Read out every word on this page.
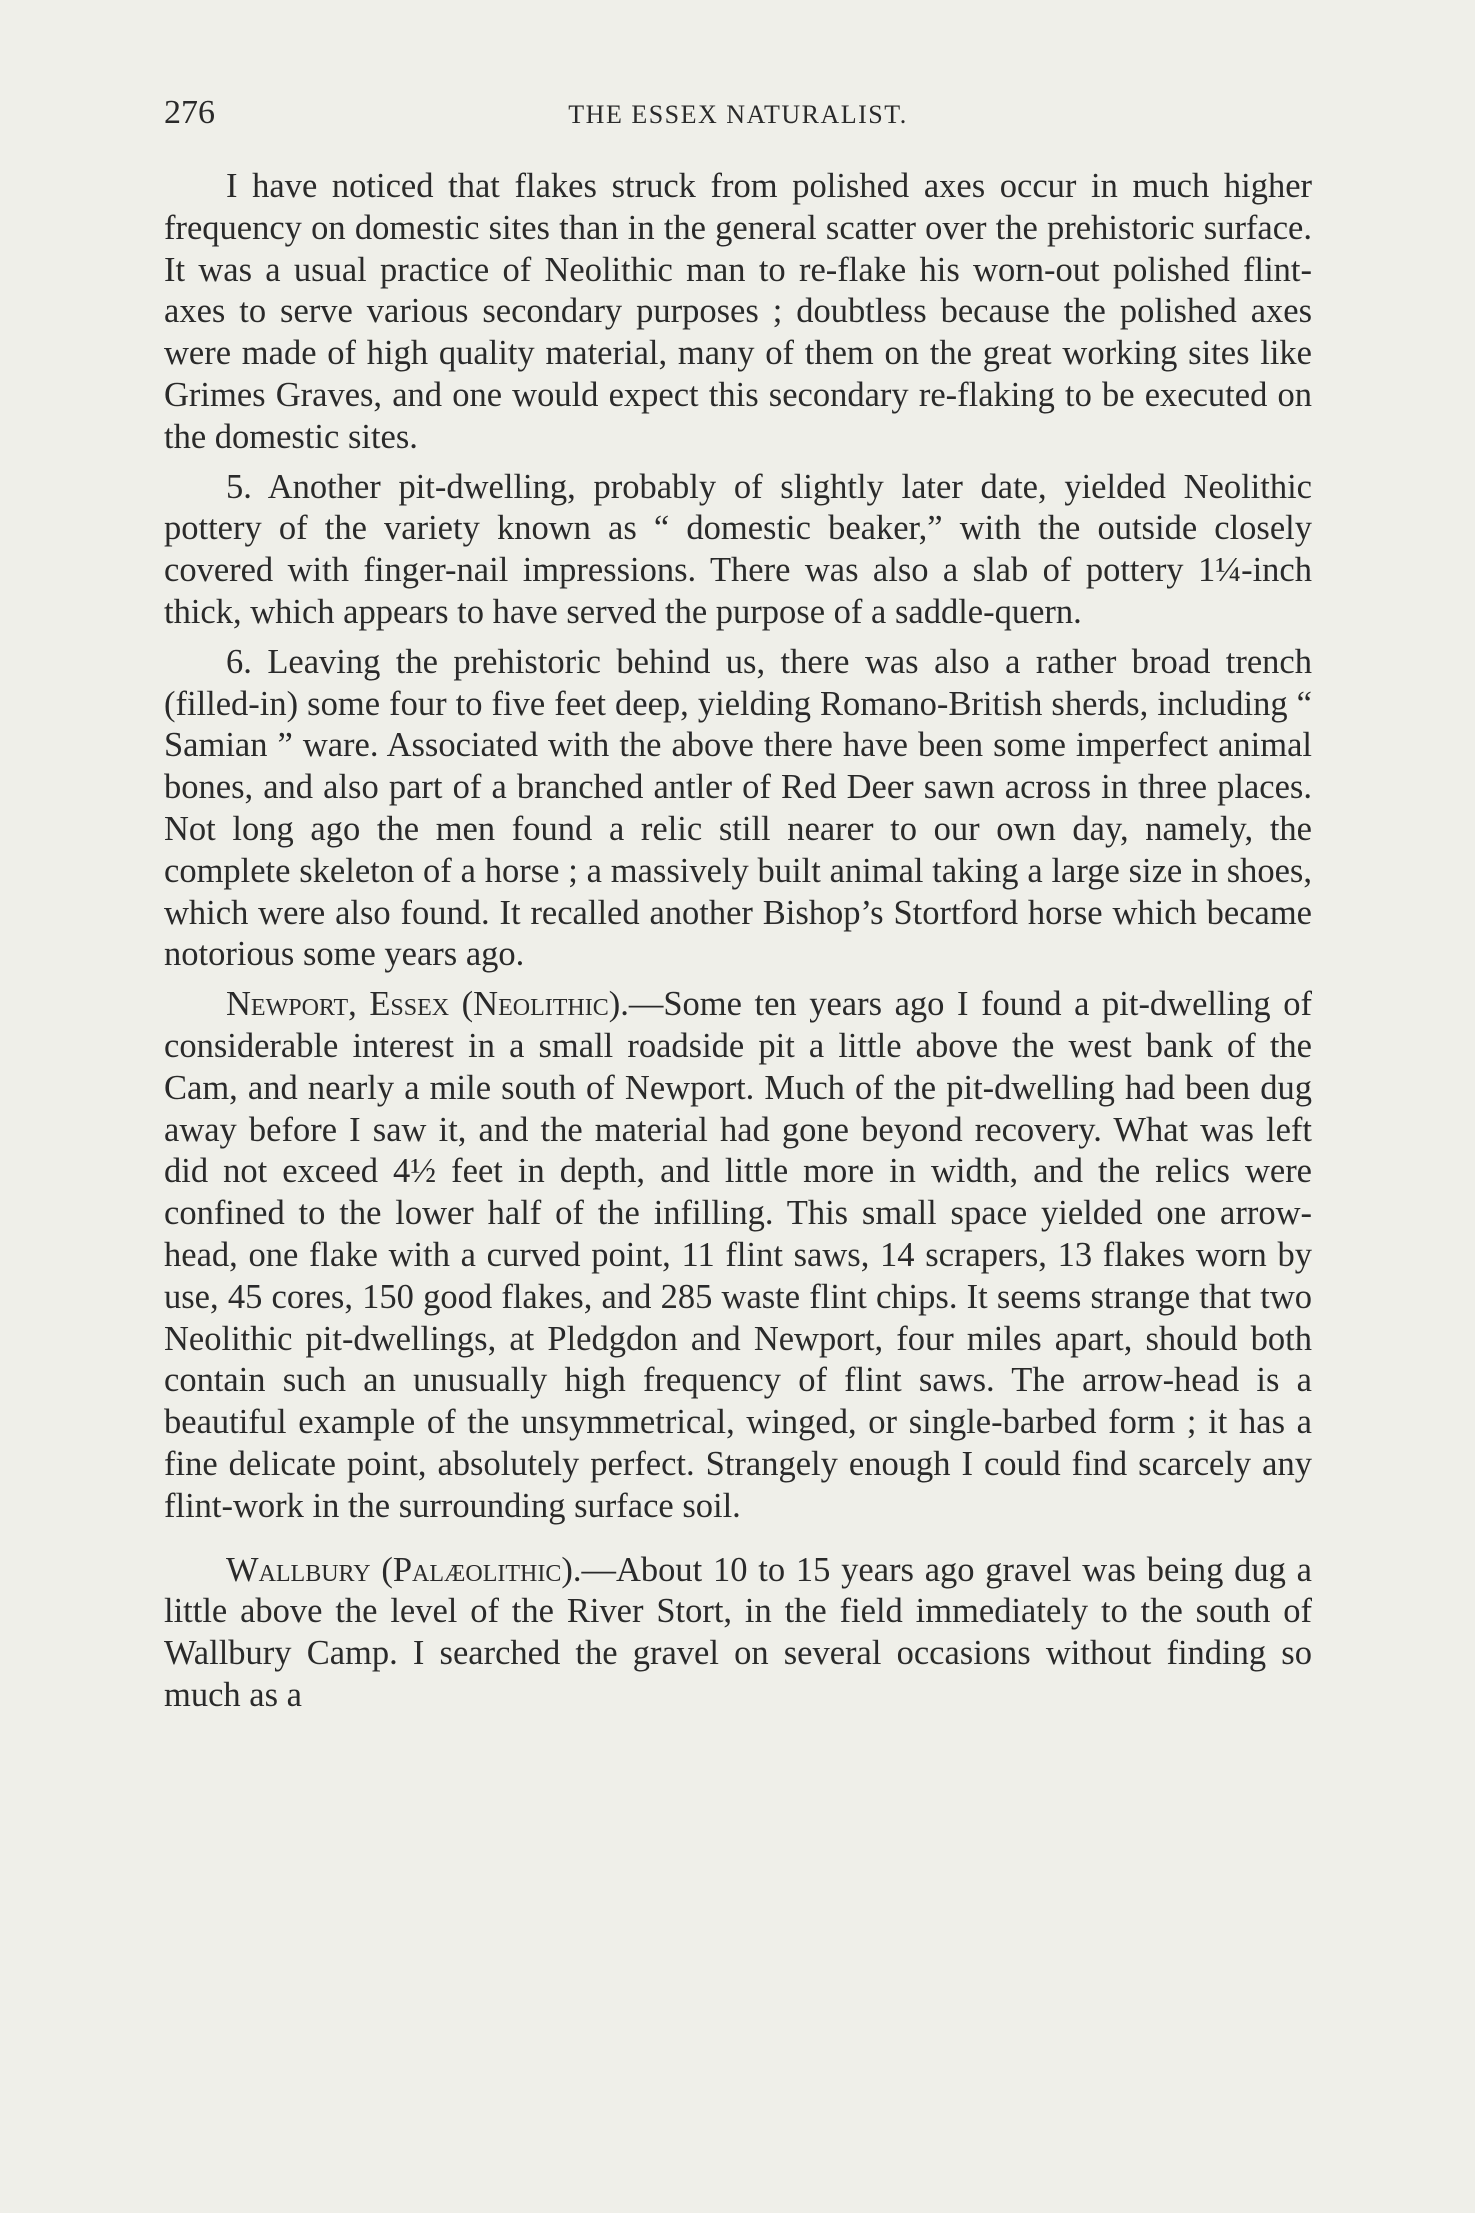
276	THE ESSEX NATURALIST.

I have noticed that flakes struck from polished axes occur in much higher frequency on domestic sites than in the general scatter over the prehistoric surface. It was a usual practice of Neolithic man to re-flake his worn-out polished flint-axes to serve various secondary purposes ; doubtless because the polished axes were made of high quality material, many of them on the great working sites like Grimes Graves, and one would expect this secondary re-flaking to be executed on the domestic sites.

5. Another pit-dwelling, probably of slightly later date, yielded Neolithic pottery of the variety known as “ domestic beaker,” with the outside closely covered with finger-nail impressions. There was also a slab of pottery 1¼-inch thick, which appears to have served the purpose of a saddle-quern.

6. Leaving the prehistoric behind us, there was also a rather broad trench (filled-in) some four to five feet deep, yielding Romano-British sherds, including “ Samian ” ware. Associated with the above there have been some imperfect animal bones, and also part of a branched antler of Red Deer sawn across in three places. Not long ago the men found a relic still nearer to our own day, namely, the complete skeleton of a horse ; a massively built animal taking a large size in shoes, which were also found. It recalled another Bishop’s Stortford horse which became notorious some years ago.

Newport, Essex (Neolithic).—Some ten years ago I found a pit-dwelling of considerable interest in a small roadside pit a little above the west bank of the Cam, and nearly a mile south of Newport. Much of the pit-dwelling had been dug away before I saw it, and the material had gone beyond recovery. What was left did not exceed 4½ feet in depth, and little more in width, and the relics were confined to the lower half of the infilling. This small space yielded one arrow-head, one flake with a curved point, 11 flint saws, 14 scrapers, 13 flakes worn by use, 45 cores, 150 good flakes, and 285 waste flint chips. It seems strange that two Neolithic pit-dwellings, at Pledgdon and Newport, four miles apart, should both contain such an unusually high frequency of flint saws. The arrow-head is a beautiful example of the unsymmetrical, winged, or single-barbed form ; it has a fine delicate point, absolutely perfect. Strangely enough I could find scarcely any flint-work in the surrounding surface soil.

Wallbury (Palæolithic).—About 10 to 15 years ago gravel was being dug a little above the level of the River Stort, in the field immediately to the south of Wallbury Camp. I searched the gravel on several occasions without finding so much as a
